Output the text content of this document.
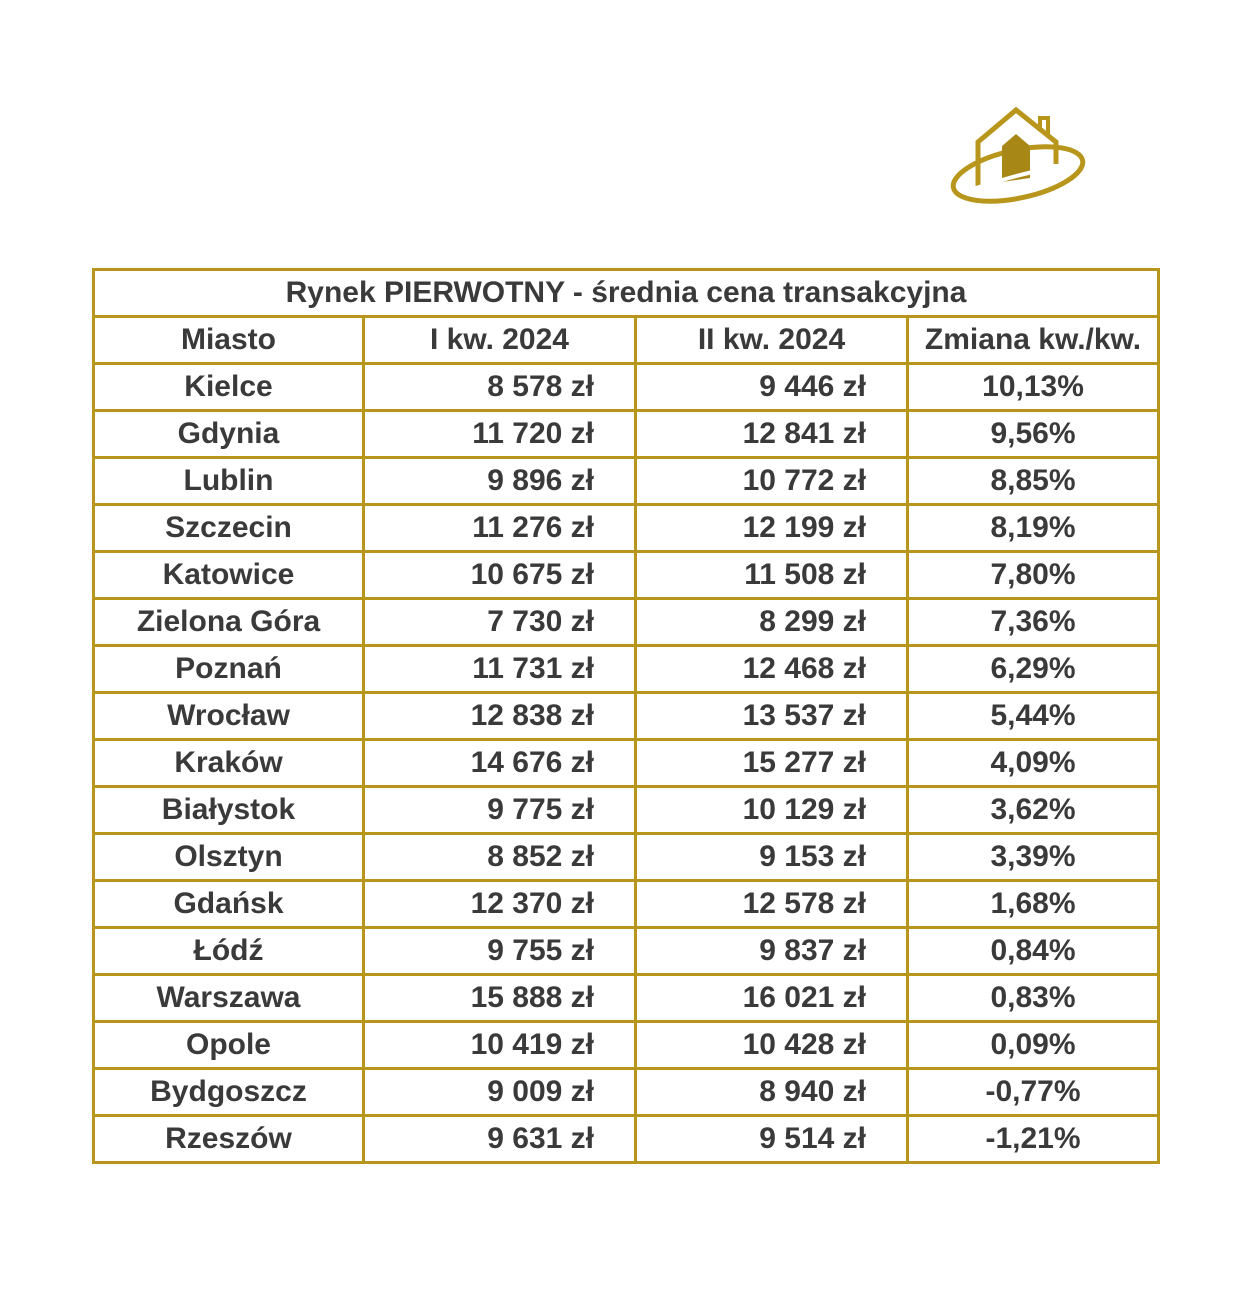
Rynek PIERWOTNY - średnia cena transakcyjna			
Miasto	I kw. 2024	II kw. 2024	Zmiana kw./kw.
Kielce	8 578 zł	9 446 zł	10,13%
Gdynia	11 720 zł	12 841 zł	9,56%
Lublin	9 896 zł	10 772 zł	8,85%
Szczecin	11 276 zł	12 199 zł	8,19%
Katowice	10 675 zł	11 508 zł	7,80%
Zielona Góra	7 730 zł	8 299 zł	7,36%
Poznań	11 731 zł	12 468 zł	6,29%
Wrocław	12 838 zł	13 537 zł	5,44%
Kraków	14 676 zł	15 277 zł	4,09%
Białystok	9 775 zł	10 129 zł	3,62%
Olsztyn	8 852 zł	9 153 zł	3,39%
Gdańsk	12 370 zł	12 578 zł	1,68%
Łódź	9 755 zł	9 837 zł	0,84%
Warszawa	15 888 zł	16 021 zł	0,83%
Opole	10 419 zł	10 428 zł	0,09%
Bydgoszcz	9 009 zł	8 940 zł	-0,77%
Rzeszów	9 631 zł	9 514 zł	-1,21%
